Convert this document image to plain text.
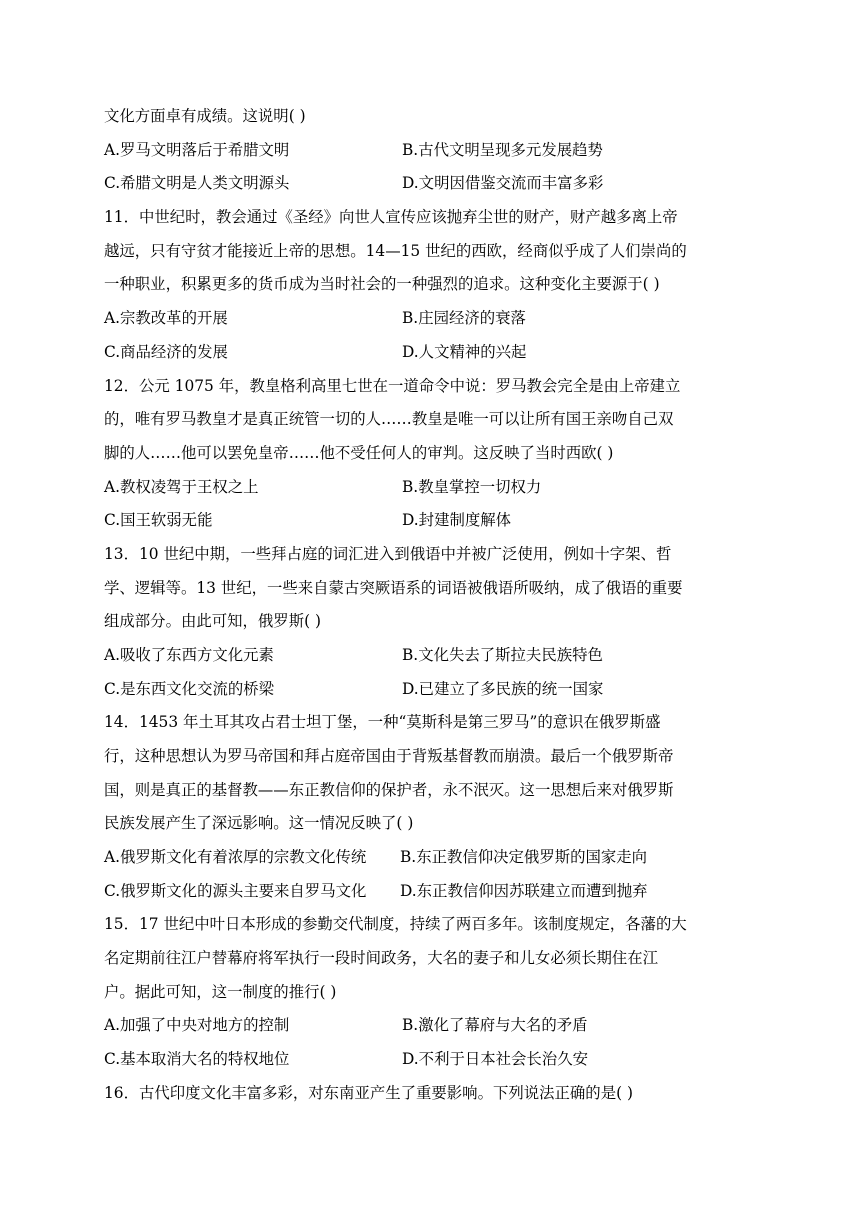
文化方面卓有成绩。这说明( )
A.罗马文明落后于希腊文明	B.古代文明呈现多元发展趋势
C.希腊文明是人类文明源头	D.文明因借鉴交流而丰富多彩
11．中世纪时，教会通过《圣经》向世人宣传应该抛弃尘世的财产，财产越多离上帝
越远，只有守贫才能接近上帝的思想。14—15 世纪的西欧，经商似乎成了人们崇尚的
一种职业，积累更多的货币成为当时社会的一种强烈的追求。这种变化主要源于( )
A.宗教改革的开展	B.庄园经济的衰落
C.商品经济的发展	D.人文精神的兴起
12．公元 1075 年，教皇格利高里七世在一道命令中说：罗马教会完全是由上帝建立
的，唯有罗马教皇才是真正统管一切的人……教皇是唯一可以让所有国王亲吻自己双
脚的人……他可以罢免皇帝……他不受任何人的审判。这反映了当时西欧( )
A.教权凌驾于王权之上	B.教皇掌控一切权力
C.国王软弱无能	D.封建制度解体
13．10 世纪中期，一些拜占庭的词汇进入到俄语中并被广泛使用，例如十字架、哲
学、逻辑等。13 世纪，一些来自蒙古突厥语系的词语被俄语所吸纳，成了俄语的重要
组成部分。由此可知，俄罗斯( )
A.吸收了东西方文化元素	B.文化失去了斯拉夫民族特色
C.是东西文化交流的桥梁	D.已建立了多民族的统一国家
14．1453 年土耳其攻占君士坦丁堡，一种“莫斯科是第三罗马”的意识在俄罗斯盛
行，这种思想认为罗马帝国和拜占庭帝国由于背叛基督教而崩溃。最后一个俄罗斯帝
国，则是真正的基督教——东正教信仰的保护者，永不泯灭。这一思想后来对俄罗斯
民族发展产生了深远影响。这一情况反映了( )
A.俄罗斯文化有着浓厚的宗教文化传统 B.东正教信仰决定俄罗斯的国家走向
C.俄罗斯文化的源头主要来自罗马文化 D.东正教信仰因苏联建立而遭到抛弃
15．17 世纪中叶日本形成的参勤交代制度，持续了两百多年。该制度规定，各藩的大
名定期前往江户替幕府将军执行一段时间政务，大名的妻子和儿女必须长期住在江
户。据此可知，这一制度的推行( )
A.加强了中央对地方的控制	B.激化了幕府与大名的矛盾
C.基本取消大名的特权地位	D.不利于日本社会长治久安
16．古代印度文化丰富多彩，对东南亚产生了重要影响。下列说法正确的是( )
